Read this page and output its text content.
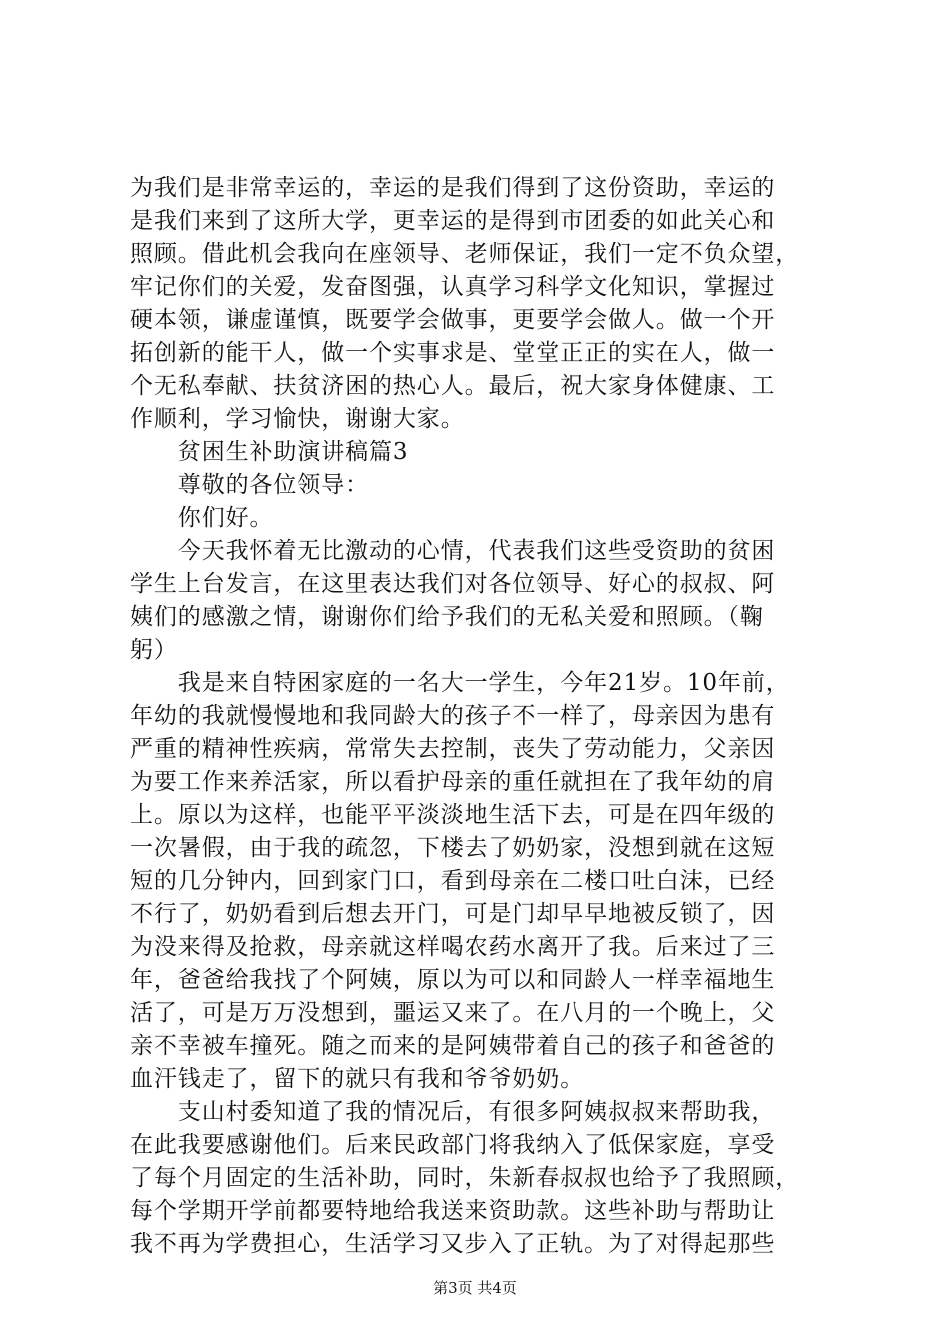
为我们是非常幸运的，幸运的是我们得到了这份资助，幸运的
是我们来到了这所大学，更幸运的是得到市团委的如此关心和
照顾。借此机会我向在座领导、老师保证，我们一定不负众望，
牢记你们的关爱，发奋图强，认真学习科学文化知识，掌握过
硬本领，谦虚谨慎，既要学会做事，更要学会做人。做一个开
拓创新的能干人，做一个实事求是、堂堂正正的实在人，做一
个无私奉献、扶贫济困的热心人。最后，祝大家身体健康、工
作顺利，学习愉快，谢谢大家。
　　贫困生补助演讲稿篇3
　　尊敬的各位领导：
　　你们好。
　　今天我怀着无比激动的心情，代表我们这些受资助的贫困
学生上台发言，在这里表达我们对各位领导、好心的叔叔、阿
姨们的感激之情，谢谢你们给予我们的无私关爱和照顾。（鞠
躬）
　　我是来自特困家庭的一名大一学生，今年21岁。10年前，
年幼的我就慢慢地和我同龄大的孩子不一样了，母亲因为患有
严重的精神性疾病，常常失去控制，丧失了劳动能力，父亲因
为要工作来养活家，所以看护母亲的重任就担在了我年幼的肩
上。原以为这样，也能平平淡淡地生活下去，可是在四年级的
一次暑假，由于我的疏忽，下楼去了奶奶家，没想到就在这短
短的几分钟内，回到家门口，看到母亲在二楼口吐白沫，已经
不行了，奶奶看到后想去开门，可是门却早早地被反锁了，因
为没来得及抢救，母亲就这样喝农药水离开了我。后来过了三
年，爸爸给我找了个阿姨，原以为可以和同龄人一样幸福地生
活了，可是万万没想到，噩运又来了。在八月的一个晚上，父
亲不幸被车撞死。随之而来的是阿姨带着自己的孩子和爸爸的
血汗钱走了，留下的就只有我和爷爷奶奶。
　　支山村委知道了我的情况后，有很多阿姨叔叔来帮助我，
在此我要感谢他们。后来民政部门将我纳入了低保家庭，享受
了每个月固定的生活补助，同时，朱新春叔叔也给予了我照顾，
每个学期开学前都要特地给我送来资助款。这些补助与帮助让
我不再为学费担心，生活学习又步入了正轨。为了对得起那些
第3页 共4页
